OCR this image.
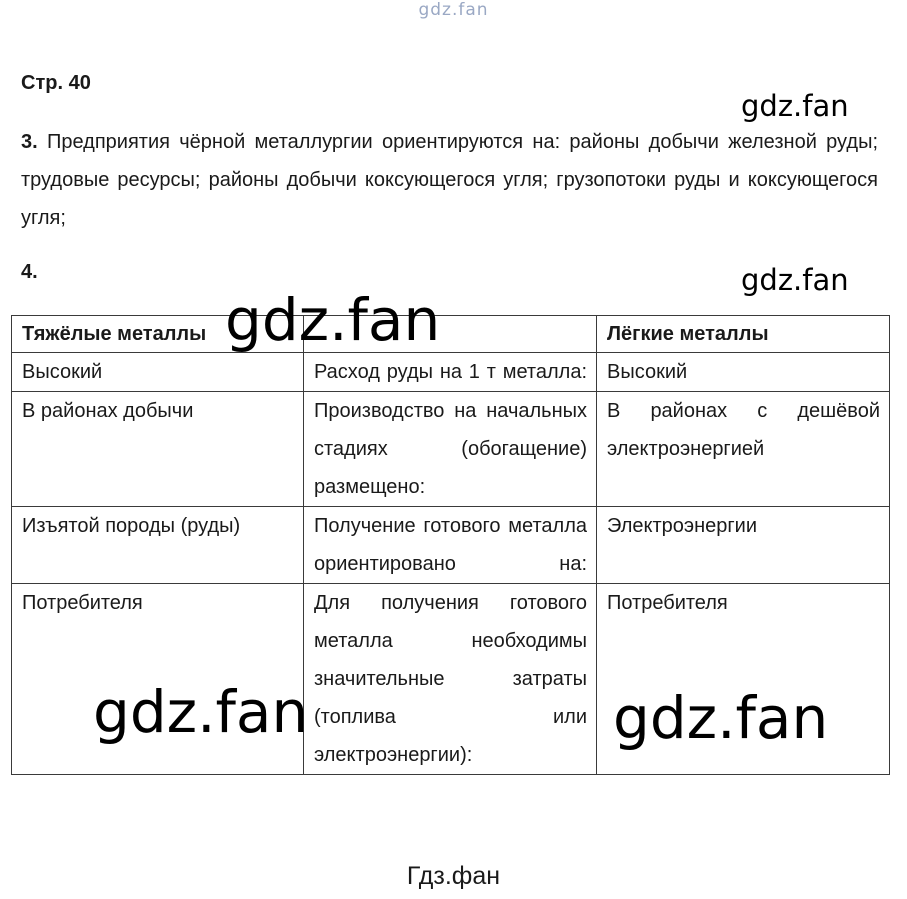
gdz.fan
Стр. 40
gdz.fan
3. Предприятия чёрной металлургии ориентируются на: районы добычи железной руды; трудовые ресурсы; районы добычи коксующегося угля; грузопотоки руды и коксующегося угля;
4.	gdz.fan
Тяжёлые металлы		Лёгкие металлы
Высокий	Расход руды на 1 т металла:	Высокий
В районах добычи	Производство на начальных стадиях (обогащение) размещено:	В районах с дешёвой электроэнергией
Изъятой породы (руды)	Получение готового металла ориентировано на:	Электроэнергии
Потребителя	Для получения готового металла необходимы значительные затраты (топлива или электроэнергии):	Потребителя
gdz.fan
gdz.fan	gdz.fan
Гдз.фан
